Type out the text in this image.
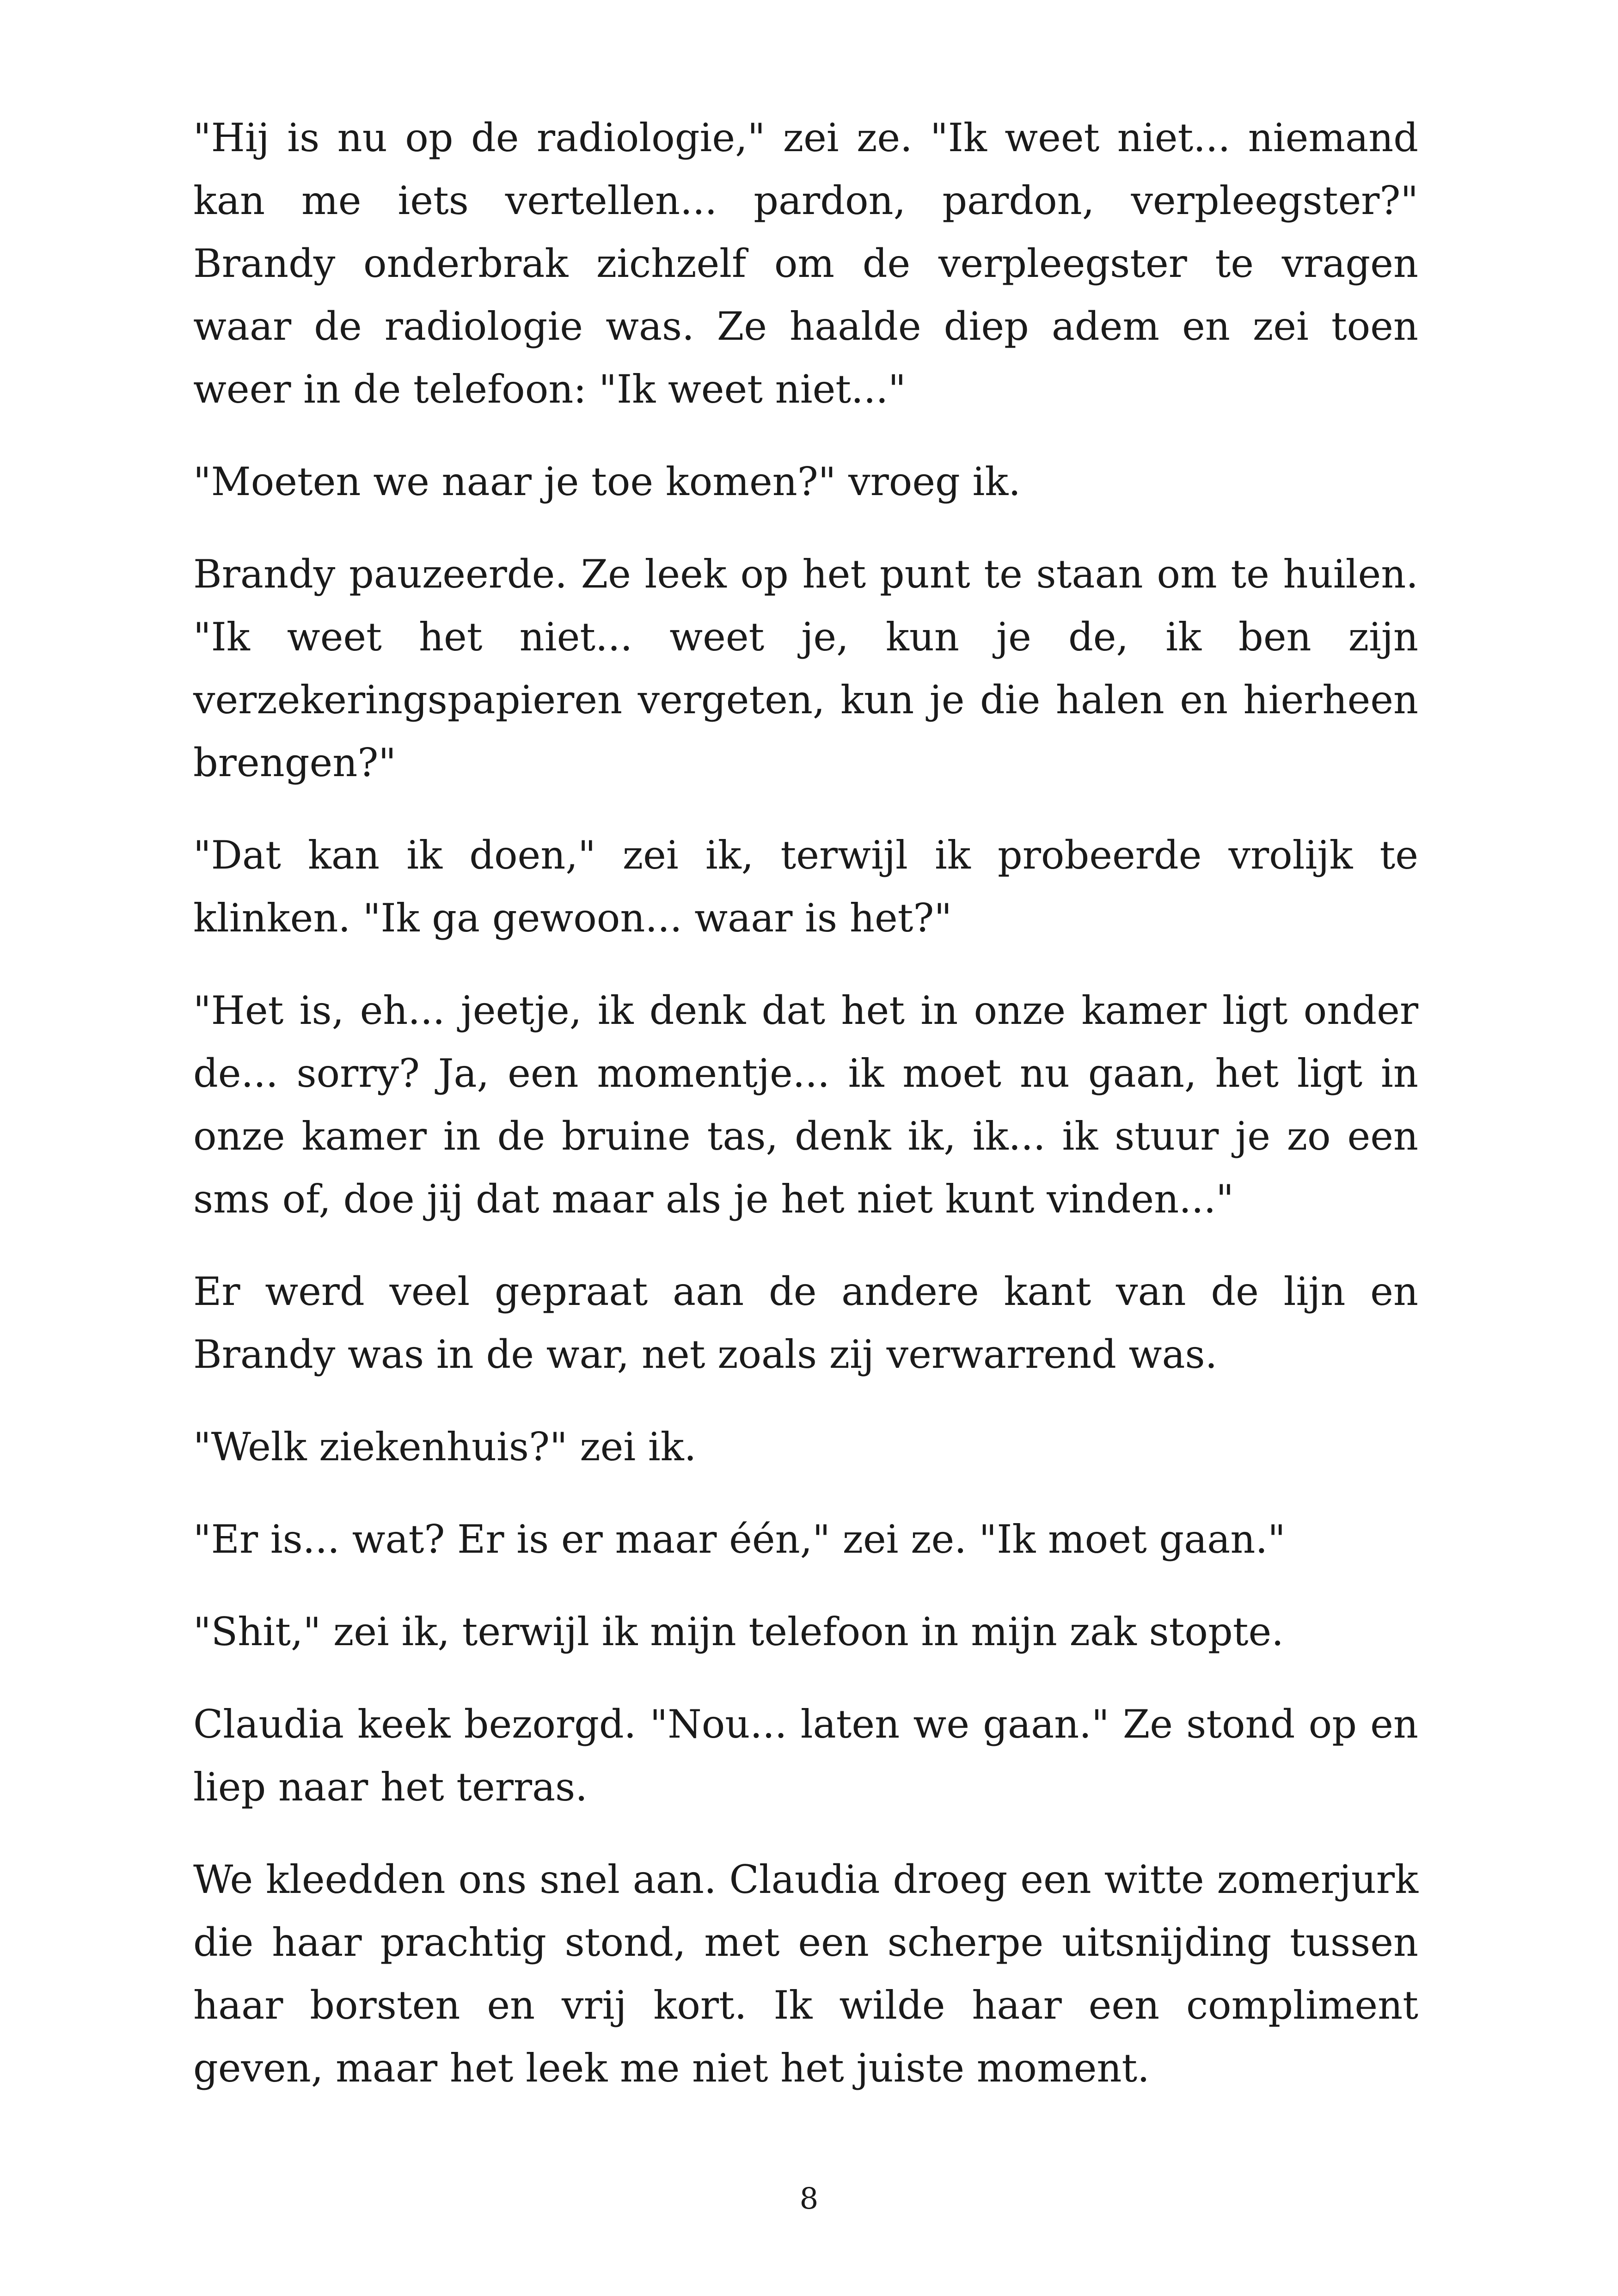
"Hij is nu op de radiologie," zei ze. "Ik weet niet... niemand kan me iets vertellen... pardon, pardon, verpleegster?" Brandy onderbrak zichzelf om de verpleegster te vragen waar de radiologie was. Ze haalde diep adem en zei toen weer in de telefoon: "Ik weet niet..."

"Moeten we naar je toe komen?" vroeg ik.

Brandy pauzeerde. Ze leek op het punt te staan om te huilen. "Ik weet het niet... weet je, kun je de, ik ben zijn verzekeringspapieren vergeten, kun je die halen en hierheen brengen?"

"Dat kan ik doen," zei ik, terwijl ik probeerde vrolijk te klinken. "Ik ga gewoon... waar is het?"

"Het is, eh... jeetje, ik denk dat het in onze kamer ligt onder de... sorry? Ja, een momentje... ik moet nu gaan, het ligt in onze kamer in de bruine tas, denk ik, ik... ik stuur je zo een sms of, doe jij dat maar als je het niet kunt vinden..."

Er werd veel gepraat aan de andere kant van de lijn en Brandy was in de war, net zoals zij verwarrend was.

"Welk ziekenhuis?" zei ik.

"Er is... wat? Er is er maar één," zei ze. "Ik moet gaan."

"Shit," zei ik, terwijl ik mijn telefoon in mijn zak stopte.

Claudia keek bezorgd. "Nou... laten we gaan." Ze stond op en liep naar het terras.

We kleedden ons snel aan. Claudia droeg een witte zomerjurk die haar prachtig stond, met een scherpe uitsnijding tussen haar borsten en vrij kort. Ik wilde haar een compliment geven, maar het leek me niet het juiste moment.

8
